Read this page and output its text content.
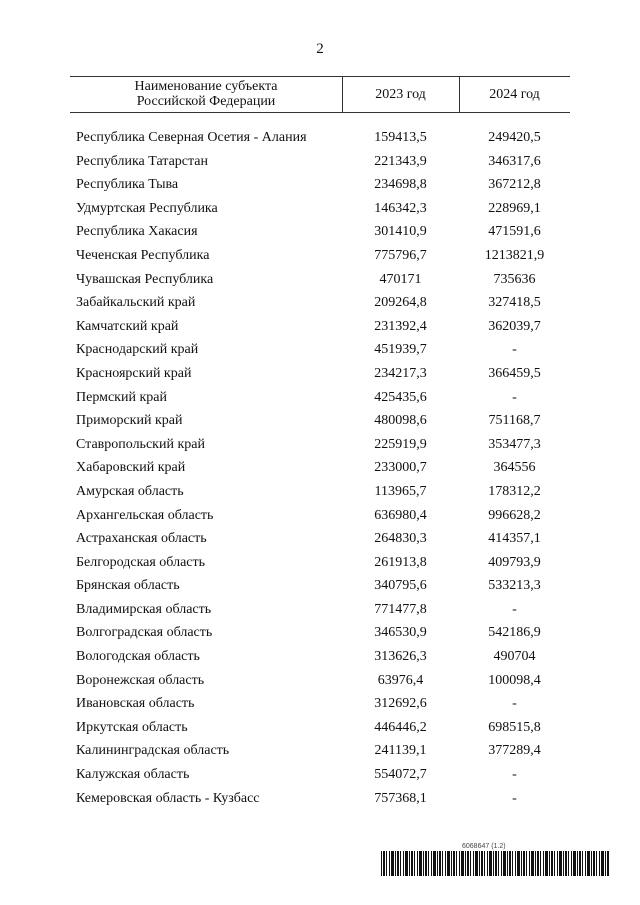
2
Наименование субъекта Российской Федерации	2023 год	2024 год
Республика Северная Осетия - Алания	159413,5	249420,5
Республика Татарстан	221343,9	346317,6
Республика Тыва	234698,8	367212,8
Удмуртская Республика	146342,3	228969,1
Республика Хакасия	301410,9	471591,6
Чеченская Республика	775796,7	1213821,9
Чувашская Республика	470171	735636
Забайкальский край	209264,8	327418,5
Камчатский край	231392,4	362039,7
Краснодарский край	451939,7	-
Красноярский край	234217,3	366459,5
Пермский край	425435,6	-
Приморский край	480098,6	751168,7
Ставропольский край	225919,9	353477,3
Хабаровский край	233000,7	364556
Амурская область	113965,7	178312,2
Архангельская область	636980,4	996628,2
Астраханская область	264830,3	414357,1
Белгородская область	261913,8	409793,9
Брянская область	340795,6	533213,3
Владимирская область	771477,8	-
Волгоградская область	346530,9	542186,9
Вологодская область	313626,3	490704
Воронежская область	63976,4	100098,4
Ивановская область	312692,6	-
Иркутская область	446446,2	698515,8
Калининградская область	241139,1	377289,4
Калужская область	554072,7	-
Кемеровская область - Кузбасс	757368,1	-
6068647 (1.2)
